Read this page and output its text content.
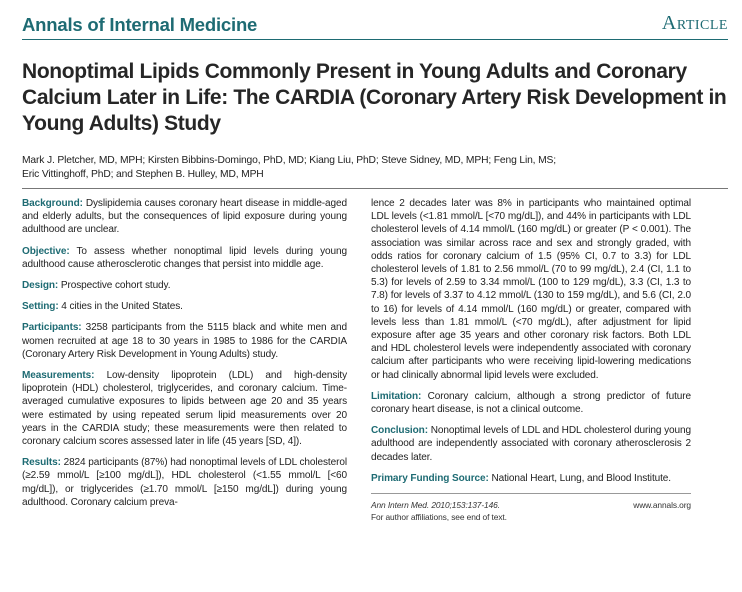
Annals of Internal Medicine	Article
Nonoptimal Lipids Commonly Present in Young Adults and Coronary Calcium Later in Life: The CARDIA (Coronary Artery Risk Development in Young Adults) Study
Mark J. Pletcher, MD, MPH; Kirsten Bibbins-Domingo, PhD, MD; Kiang Liu, PhD; Steve Sidney, MD, MPH; Feng Lin, MS;
Eric Vittinghoff, PhD; and Stephen B. Hulley, MD, MPH

Background: Dyslipidemia causes coronary heart disease in middle-aged and elderly adults, but the consequences of lipid exposure during young adulthood are unclear.

Objective: To assess whether nonoptimal lipid levels during young adulthood cause atherosclerotic changes that persist into middle age.

Design: Prospective cohort study.

Setting: 4 cities in the United States.

Participants: 3258 participants from the 5115 black and white men and women recruited at age 18 to 30 years in 1985 to 1986 for the CARDIA (Coronary Artery Risk Development in Young Adults) study.

Measurements: Low-density lipoprotein (LDL) and high-density lipoprotein (HDL) cholesterol, triglycerides, and coronary calcium. Time-averaged cumulative exposures to lipids between age 20 and 35 years were estimated by using repeated serum lipid measurements over 20 years in the CARDIA study; these measurements were then related to coronary calcium scores assessed later in life (45 years [SD, 4]).

Results: 2824 participants (87%) had nonoptimal levels of LDL cholesterol (≥2.59 mmol/L [≥100 mg/dL]), HDL cholesterol (<1.55 mmol/L [<60 mg/dL]), or triglycerides (≥1.70 mmol/L [≥150 mg/dL]) during young adulthood. Coronary calcium preva-

lence 2 decades later was 8% in participants who maintained optimal LDL levels (<1.81 mmol/L [<70 mg/dL]), and 44% in participants with LDL cholesterol levels of 4.14 mmol/L (160 mg/dL) or greater (P < 0.001). The association was similar across race and sex and strongly graded, with odds ratios for coronary calcium of 1.5 (95% CI, 0.7 to 3.3) for LDL cholesterol levels of 1.81 to 2.56 mmol/L (70 to 99 mg/dL), 2.4 (CI, 1.1 to 5.3) for levels of 2.59 to 3.34 mmol/L (100 to 129 mg/dL), 3.3 (CI, 1.3 to 7.8) for levels of 3.37 to 4.12 mmol/L (130 to 159 mg/dL), and 5.6 (CI, 2.0 to 16) for levels of 4.14 mmol/L (160 mg/dL) or greater, compared with levels less than 1.81 mmol/L (<70 mg/dL), after adjustment for lipid exposure after age 35 years and other coronary risk factors. Both LDL and HDL cholesterol levels were independently associated with coronary calcium after participants who were receiving lipid-lowering medications or had clinically abnormal lipid levels were excluded.

Limitation: Coronary calcium, although a strong predictor of future coronary heart disease, is not a clinical outcome.

Conclusion: Nonoptimal levels of LDL and HDL cholesterol during young adulthood are independently associated with coronary atherosclerosis 2 decades later.

Primary Funding Source: National Heart, Lung, and Blood Institute.

Ann Intern Med. 2010;153:137-146.	www.annals.org
For author affiliations, see end of text.
